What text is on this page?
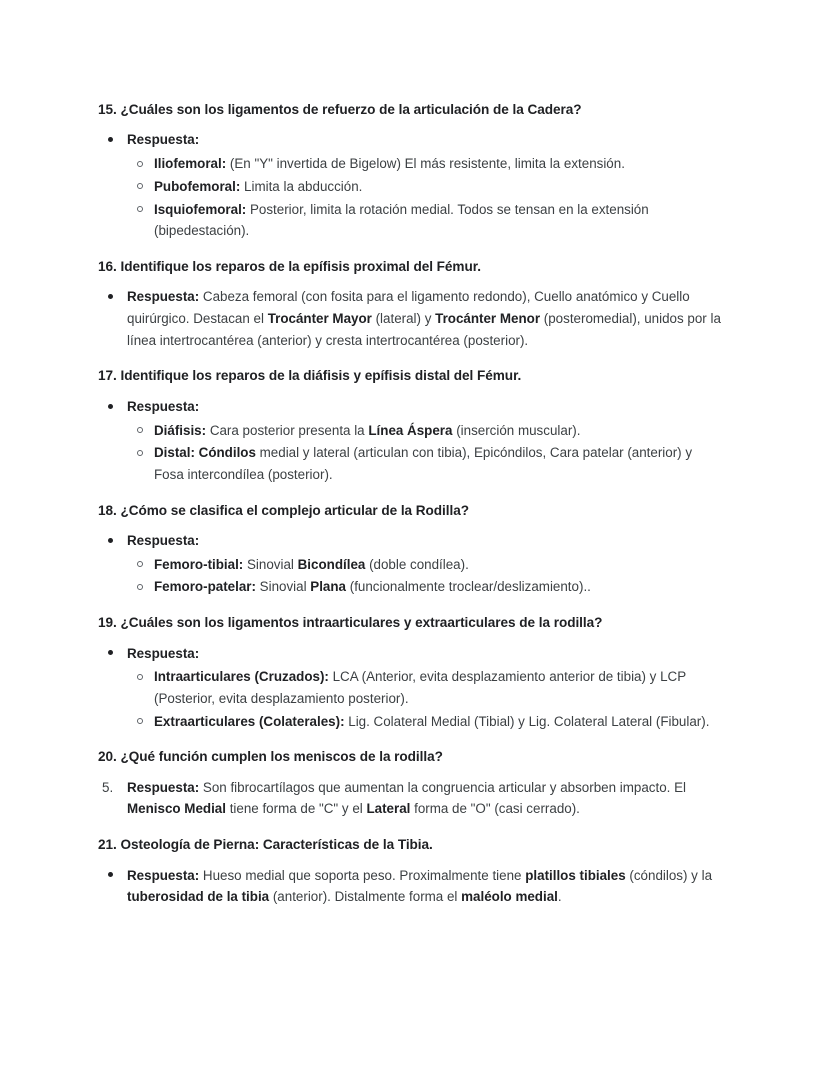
15. ¿Cuáles son los ligamentos de refuerzo de la articulación de la Cadera?
Respuesta:
Iliofemoral: (En "Y" invertida de Bigelow) El más resistente, limita la extensión.
Pubofemoral: Limita la abducción.
Isquiofemoral: Posterior, limita la rotación medial. Todos se tensan en la extensión (bipedestación).
16. Identifique los reparos de la epífisis proximal del Fémur.
Respuesta: Cabeza femoral (con fosita para el ligamento redondo), Cuello anatómico y Cuello quirúrgico. Destacan el Trocánter Mayor (lateral) y Trocánter Menor (posteromedial), unidos por la línea intertrocantérea (anterior) y cresta intertrocantérea (posterior).
17. Identifique los reparos de la diáfisis y epífisis distal del Fémur.
Respuesta:
Diáfisis: Cara posterior presenta la Línea Áspera (inserción muscular).
Distal: Cóndilos medial y lateral (articulan con tibia), Epicóndilos, Cara patelar (anterior) y Fosa intercondílea (posterior).
18. ¿Cómo se clasifica el complejo articular de la Rodilla?
Respuesta:
Femoro-tibial: Sinovial Bicondílea (doble condílea).
Femoro-patelar: Sinovial Plana (funcionalmente troclear/deslizamiento)..
19. ¿Cuáles son los ligamentos intraarticulares y extraarticulares de la rodilla?
Respuesta:
Intraarticulares (Cruzados): LCA (Anterior, evita desplazamiento anterior de tibia) y LCP (Posterior, evita desplazamiento posterior).
Extraarticulares (Colaterales): Lig. Colateral Medial (Tibial) y Lig. Colateral Lateral (Fibular).
20. ¿Qué función cumplen los meniscos de la rodilla?
5. Respuesta: Son fibrocartílagos que aumentan la congruencia articular y absorben impacto. El Menisco Medial tiene forma de "C" y el Lateral forma de "O" (casi cerrado).
21. Osteología de Pierna: Características de la Tibia.
Respuesta: Hueso medial que soporta peso. Proximalmente tiene platillos tibiales (cóndilos) y la tuberosidad de la tibia (anterior). Distalmente forma el maléolo medial.
